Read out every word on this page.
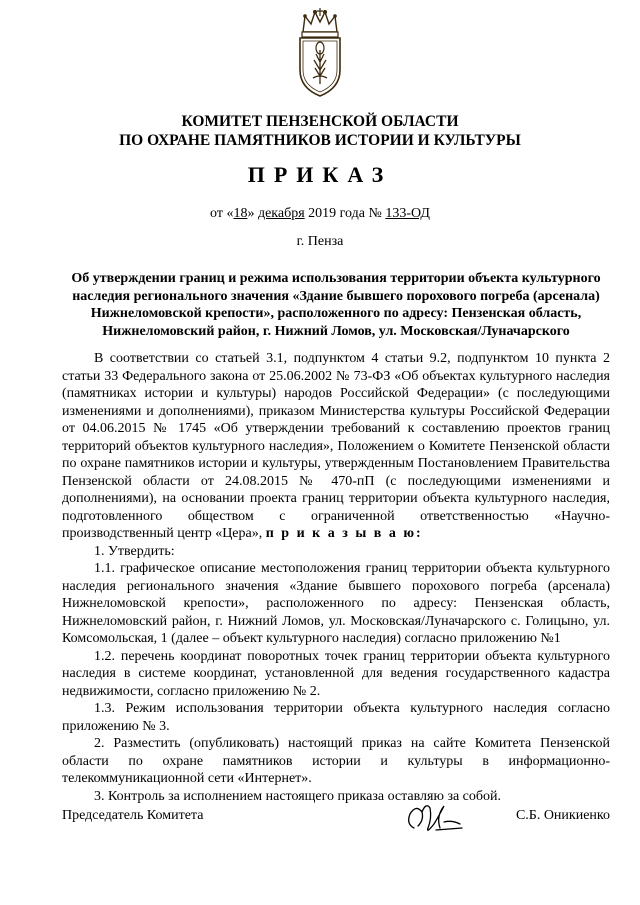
КОМИТЕТ ПЕНЗЕНСКОЙ ОБЛАСТИ
ПО ОХРАНЕ ПАМЯТНИКОВ ИСТОРИИ И КУЛЬТУРЫ
ПРИКАЗ
от «18» декабря 2019 года № 133-ОД
г. Пенза
Об утверждении границ и режима использования территории объекта культурного наследия регионального значения «Здание бывшего порохового погреба (арсенала) Нижнеломовской крепости», расположенного по адресу: Пензенская область, Нижнеломовский район, г. Нижний Ломов, ул. Московская/Луначарского

В соответствии со статьей 3.1, подпунктом 4 статьи 9.2, подпунктом 10 пункта 2 статьи 33 Федерального закона от 25.06.2002 № 73-ФЗ «Об объектах культурного наследия (памятниках истории и культуры) народов Российской Федерации» (с последующими изменениями и дополнениями), приказом Министерства культуры Российской Федерации от 04.06.2015 № 1745 «Об утверждении требований к составлению проектов границ территорий объектов культурного наследия», Положением о Комитете Пензенской области по охране памятников истории и культуры, утвержденным Постановлением Правительства Пензенской области от 24.08.2015 № 470-пП (с последующими изменениями и дополнениями), на основании проекта границ территории объекта культурного наследия, подготовленного обществом с ограниченной ответственностью «Научно-производственный центр «Цера», п р и к а з ы в а ю:

1. Утвердить:

1.1. графическое описание местоположения границ территории объекта культурного наследия регионального значения «Здание бывшего порохового погреба (арсенала) Нижнеломовской крепости», расположенного по адресу: Пензенская область, Нижнеломовский район, г. Нижний Ломов, ул. Московская/Луначарского с. Голицыно, ул. Комсомольская, 1 (далее – объект культурного наследия) согласно приложению №1

1.2. перечень координат поворотных точек границ территории объекта культурного наследия в системе координат, установленной для ведения государственного кадастра недвижимости, согласно приложению № 2.

1.3. Режим использования территории объекта культурного наследия согласно приложению № 3.

2. Разместить (опубликовать) настоящий приказ на сайте Комитета Пензенской области по охране памятников истории и культуры в информационно-телекоммуникационной сети «Интернет».

3. Контроль за исполнением настоящего приказа оставляю за собой.

Председатель Комитета	С.Б. Оникиенко
